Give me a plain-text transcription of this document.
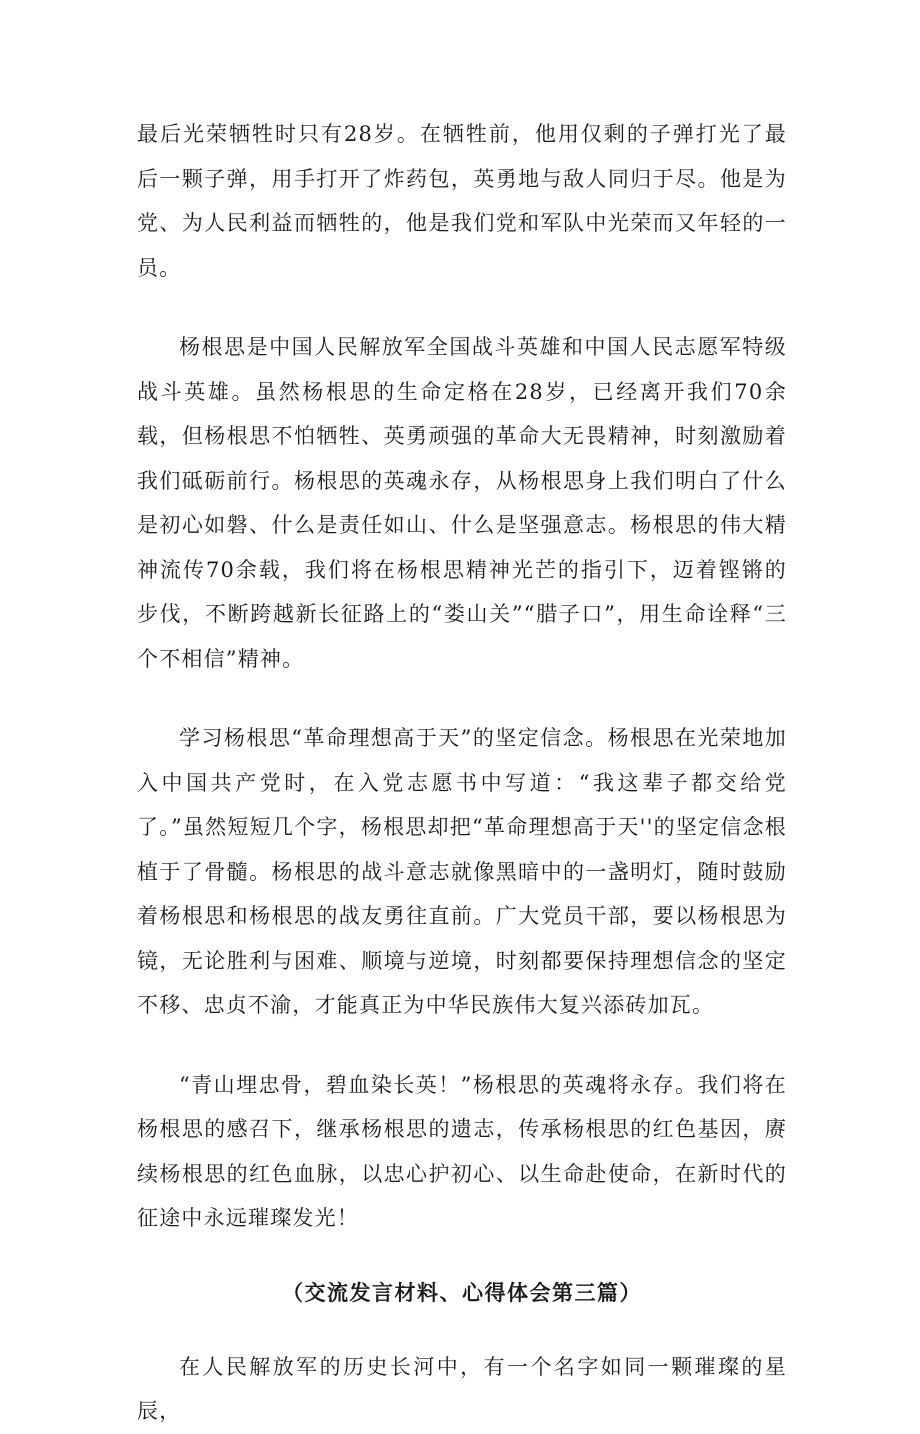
最后光荣牺牲时只有28岁。在牺牲前，他用仅剩的子弹打光了最后一颗子弹，用手打开了炸药包，英勇地与敌人同归于尽。他是为党、为人民利益而牺牲的，他是我们党和军队中光荣而又年轻的一员。

杨根思是中国人民解放军全国战斗英雄和中国人民志愿军特级战斗英雄。虽然杨根思的生命定格在28岁，已经离开我们70余载，但杨根思不怕牺牲、英勇顽强的革命大无畏精神，时刻激励着我们砥砺前行。杨根思的英魂永存，从杨根思身上我们明白了什么是初心如磐、什么是责任如山、什么是坚强意志。杨根思的伟大精神流传70余载，我们将在杨根思精神光芒的指引下，迈着铿锵的步伐，不断跨越新长征路上的“娄山关”“腊子口”，用生命诠释“三个不相信”精神。

学习杨根思“革命理想高于天”的坚定信念。杨根思在光荣地加入中国共产党时，在入党志愿书中写道：“我这辈子都交给党了。”虽然短短几个字，杨根思却把“革命理想高于天''的坚定信念根植于了骨髓。杨根思的战斗意志就像黑暗中的一盏明灯，随时鼓励着杨根思和杨根思的战友勇往直前。广大党员干部，要以杨根思为镜，无论胜利与困难、顺境与逆境，时刻都要保持理想信念的坚定不移、忠贞不渝，才能真正为中华民族伟大复兴添砖加瓦。

“青山埋忠骨，碧血染长英！”杨根思的英魂将永存。我们将在杨根思的感召下，继承杨根思的遗志，传承杨根思的红色基因，赓续杨根思的红色血脉，以忠心护初心、以生命赴使命，在新时代的征途中永远璀璨发光！

（交流发言材料、心得体会第三篇）

在人民解放军的历史长河中，有一个名字如同一颗璀璨的星辰，
